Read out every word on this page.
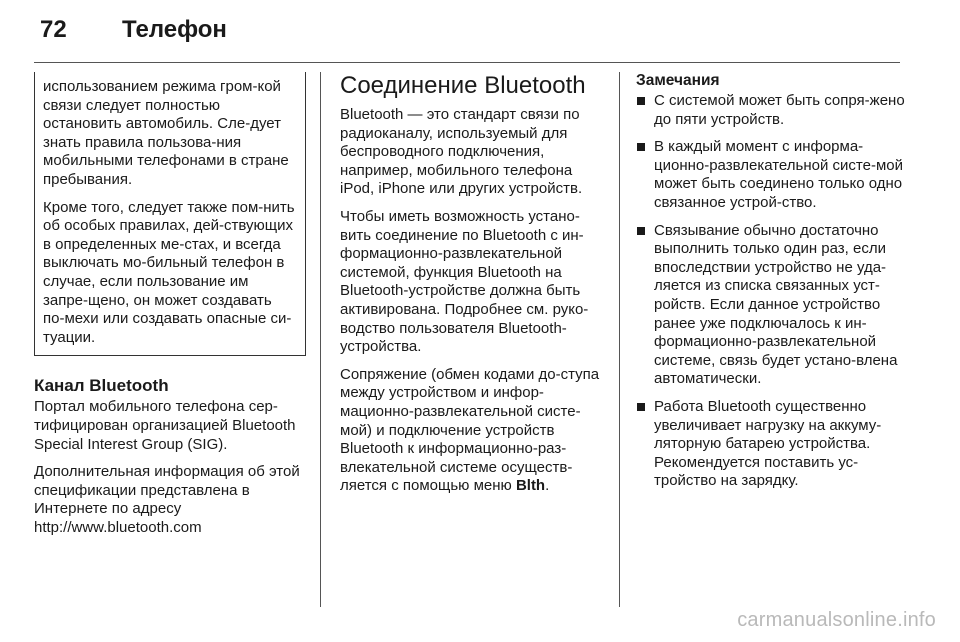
72	Телефон

использованием режима гром-кой связи следует полностью остановить автомобиль. Сле-дует знать правила пользова-ния мобильными телефонами в стране пребывания.

Кроме того, следует также пом-нить об особых правилах, дей-ствующих в определенных ме-стах, и всегда выключать мо-бильный телефон в случае, если пользование им запре-щено, он может создавать по-мехи или создавать опасные си-туации.

Канал Bluetooth

Портал мобильного телефона сер-тифицирован организацией Bluetooth Special Interest Group (SIG).

Дополнительная информация об этой спецификации представлена в Интернете по адресу http://www.bluetooth.com

Соединение Bluetooth

Bluetooth — это стандарт связи по радиоканалу, используемый для беспроводного подключения, например, мобильного телефона iPod, iPhone или других устройств.

Чтобы иметь возможность устано-вить соединение по Bluetooth с ин-формационно-развлекательной системой, функция Bluetooth на Bluetooth-устройстве должна быть активирована. Подробнее см. руко-водство пользователя Bluetooth-устройства.

Сопряжение (обмен кодами до-ступа между устройством и инфор-мационно-развлекательной систе-мой) и подключение устройств Bluetooth к информационно-раз-влекательной системе осуществ-ляется с помощью меню Blth.

Замечания
С системой может быть сопря-жено до пяти устройств.
В каждый момент с информа-ционно-развлекательной систе-мой может быть соединено только одно связанное устрой-ство.
Связывание обычно достаточно выполнить только один раз, если впоследствии устройство не уда-ляется из списка связанных уст-ройств. Если данное устройство ранее уже подключалось к ин-формационно-развлекательной системе, связь будет устано-влена автоматически.
Работа Bluetooth существенно увеличивает нагрузку на аккуму-ляторную батарею устройства. Рекомендуется поставить ус-тройство на зарядку.
carmanualsonline.info
